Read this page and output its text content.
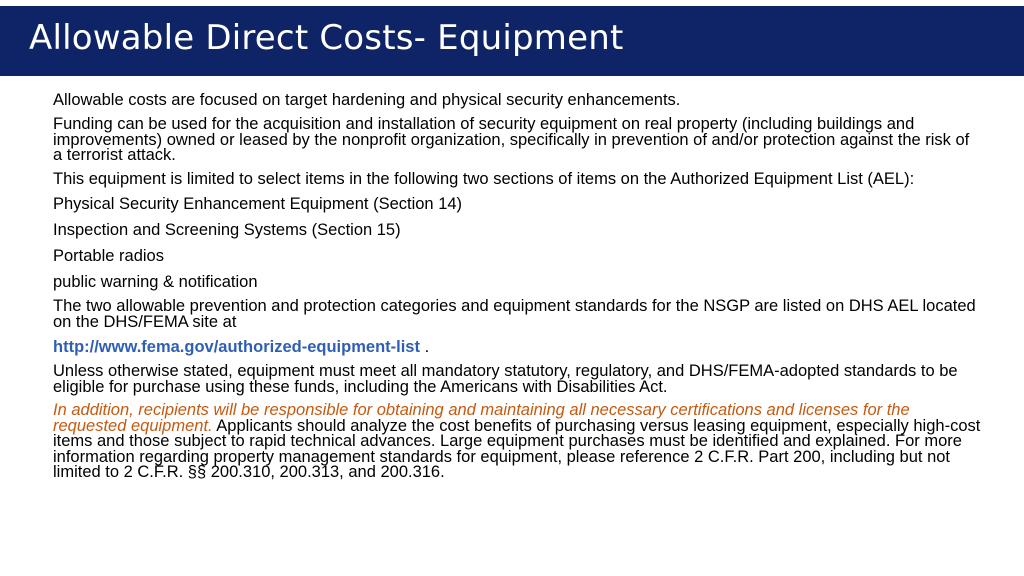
Allowable Direct Costs- Equipment

Allowable costs are focused on target hardening and physical security enhancements.

Funding can be used for the acquisition and installation of security equipment on real property (including buildings and improvements) owned or leased by the nonprofit organization, specifically in prevention of and/or protection against the risk of a terrorist attack.

This equipment is limited to select items in the following two sections of items on the Authorized Equipment List (AEL):

Physical Security Enhancement Equipment (Section 14)

Inspection and Screening Systems (Section 15)

Portable radios

public warning & notification

The two allowable prevention and protection categories and equipment standards for the NSGP are listed on DHS AEL located on the DHS/FEMA site at

http://www.fema.gov/authorized-equipment-list .

Unless otherwise stated, equipment must meet all mandatory statutory, regulatory, and DHS/FEMA-adopted standards to be eligible for purchase using these funds, including the Americans with Disabilities Act.

In addition, recipients will be responsible for obtaining and maintaining all necessary certifications and licenses for the requested equipment. Applicants should analyze the cost benefits of purchasing versus leasing equipment, especially high-cost items and those subject to rapid technical advances. Large equipment purchases must be identified and explained. For more information regarding property management standards for equipment, please reference 2 C.F.R. Part 200, including but not limited to 2 C.F.R. §§ 200.310, 200.313, and 200.316.
